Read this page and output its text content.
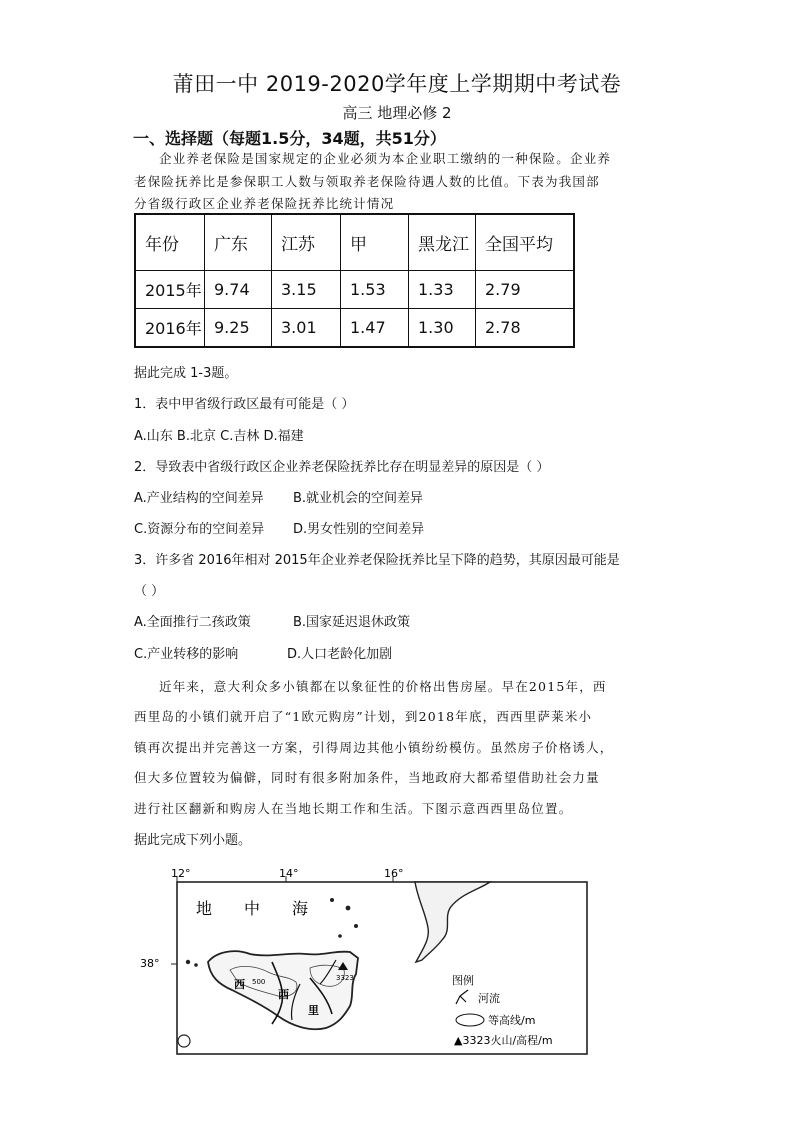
莆田一中 2019-2020学年度上学期期中考试卷
高三 地理必修 2
一、选择题（每题1.5分，34题，共51分）
企业养老保险是国家规定的企业必须为本企业职工缴纳的一种保险。企业养
老保险抚养比是参保职工人数与领取养老保险待遇人数的比值。下表为我国部
分省级行政区企业养老保险抚养比统计情况
年份	广东	江苏	甲	黑龙江	全国平均
2015年	9.74	3.15	1.53	1.33	2.79
2016年	9.25	3.01	1.47	1.30	2.78
据此完成 1-3题。
1．表中甲省级行政区最有可能是（ ）
A.山东 B.北京 C.吉林 D.福建
2．导致表中省级行政区企业养老保险抚养比存在明显差异的原因是（ ）
A.产业结构的空间差异 B.就业机会的空间差异
C.资源分布的空间差异 D.男女性别的空间差异
3．许多省 2016年相对 2015年企业养老保险抚养比呈下降的趋势，其原因最可能是
（ ）
A.全面推行二孩政策	B.国家延迟退休政策
C.产业转移的影响	D.人口老龄化加剧
近年来，意大利众多小镇都在以象征性的价格出售房屋。早在2015年，西
西里岛的小镇们就开启了“1欧元购房”计划，到2018年底，西西里萨莱米小
镇再次提出并完善这一方案，引得周边其他小镇纷纷模仿。虽然房子价格诱人，
但大多位置较为偏僻，同时有很多附加条件，当地政府大都希望借助社会力量
进行社区翻新和购房人在当地长期工作和生活。下图示意西西里岛位置。
据此完成下列小题。
12°	14°	16°
38°
地 中 海
西
西
里
500	3323	图例
河流
等高线/m
▲3323火山/高程/m
